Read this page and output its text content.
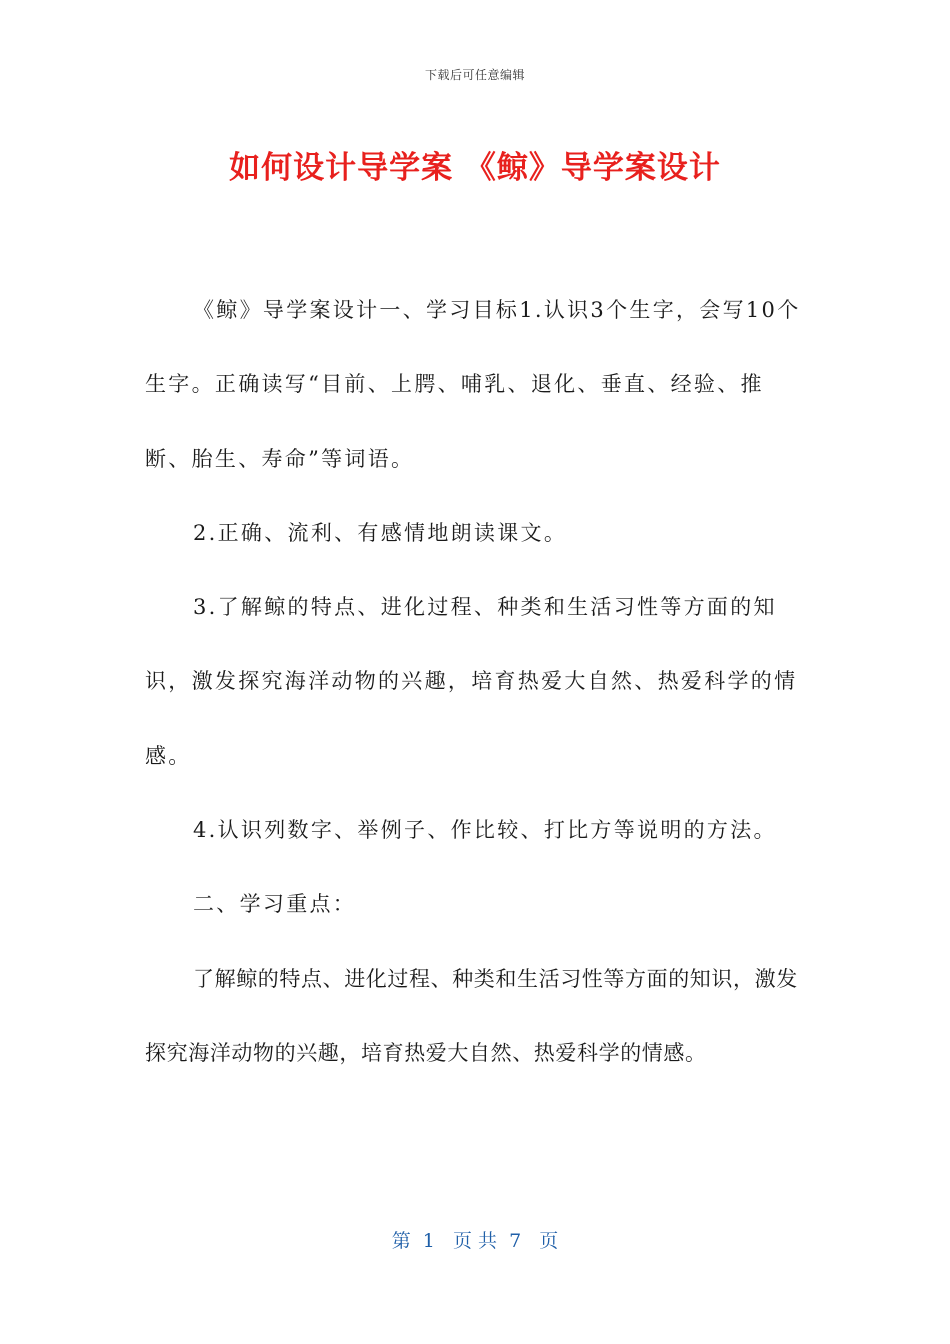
下载后可任意编辑
如何设计导学案 《鲸》导学案设计

《鲸》导学案设计一、学习目标1.认识3个生字，会写10个生字。正确读写“目前、上腭、哺乳、退化、垂直、经验、推断、胎生、寿命”等词语。

2.正确、流利、有感情地朗读课文。

3.了解鲸的特点、进化过程、种类和生活习性等方面的知识，激发探究海洋动物的兴趣，培育热爱大自然、热爱科学的情感。

4.认识列数字、举例子、作比较、打比方等说明的方法。

二、学习重点：

了解鲸的特点、进化过程、种类和生活习性等方面的知识，激发探究海洋动物的兴趣，培育热爱大自然、热爱科学的情感。

第  1   页 共  7   页
